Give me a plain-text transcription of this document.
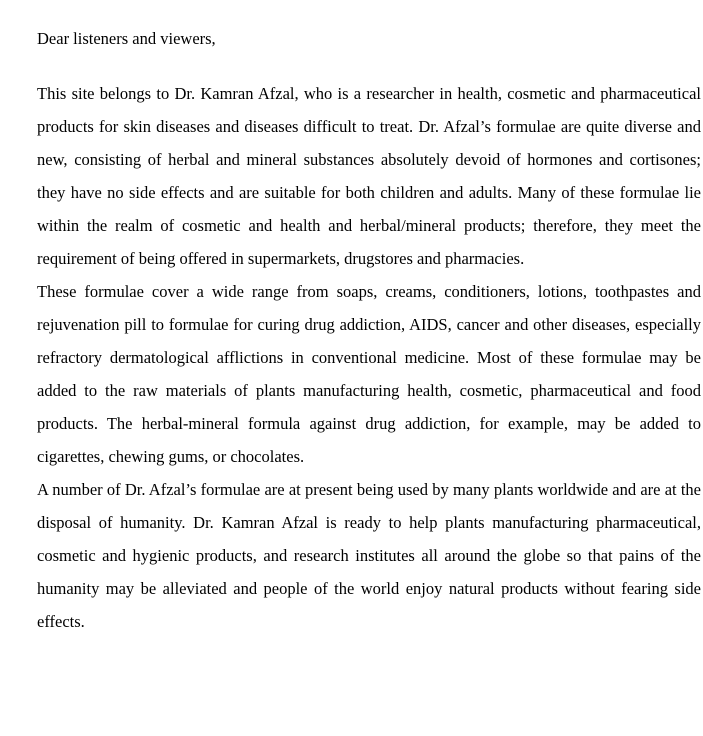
Dear listeners and viewers,

This site belongs to Dr. Kamran Afzal, who is a researcher in health, cosmetic and pharmaceutical products for skin diseases and diseases difficult to treat. Dr. Afzal’s formulae are quite diverse and new, consisting of herbal and mineral substances absolutely devoid of hormones and cortisones; they have no side effects and are suitable for both children and adults. Many of these formulae lie within the realm of cosmetic and health and herbal/mineral products; therefore, they meet the requirement of being offered in supermarkets, drugstores and pharmacies.

These formulae cover a wide range from soaps, creams, conditioners, lotions, toothpastes and rejuvenation pill to formulae for curing drug addiction, AIDS, cancer and other diseases, especially refractory dermatological afflictions in conventional medicine. Most of these formulae may be added to the raw materials of plants manufacturing health, cosmetic, pharmaceutical and food products. The herbal-mineral formula against drug addiction, for example, may be added to cigarettes, chewing gums, or chocolates.

A number of Dr. Afzal’s formulae are at present being used by many plants worldwide and are at the disposal of humanity. Dr. Kamran Afzal is ready to help plants manufacturing pharmaceutical, cosmetic and hygienic products, and research institutes all around the globe so that pains of the humanity may be alleviated and people of the world enjoy natural products without fearing side effects.
